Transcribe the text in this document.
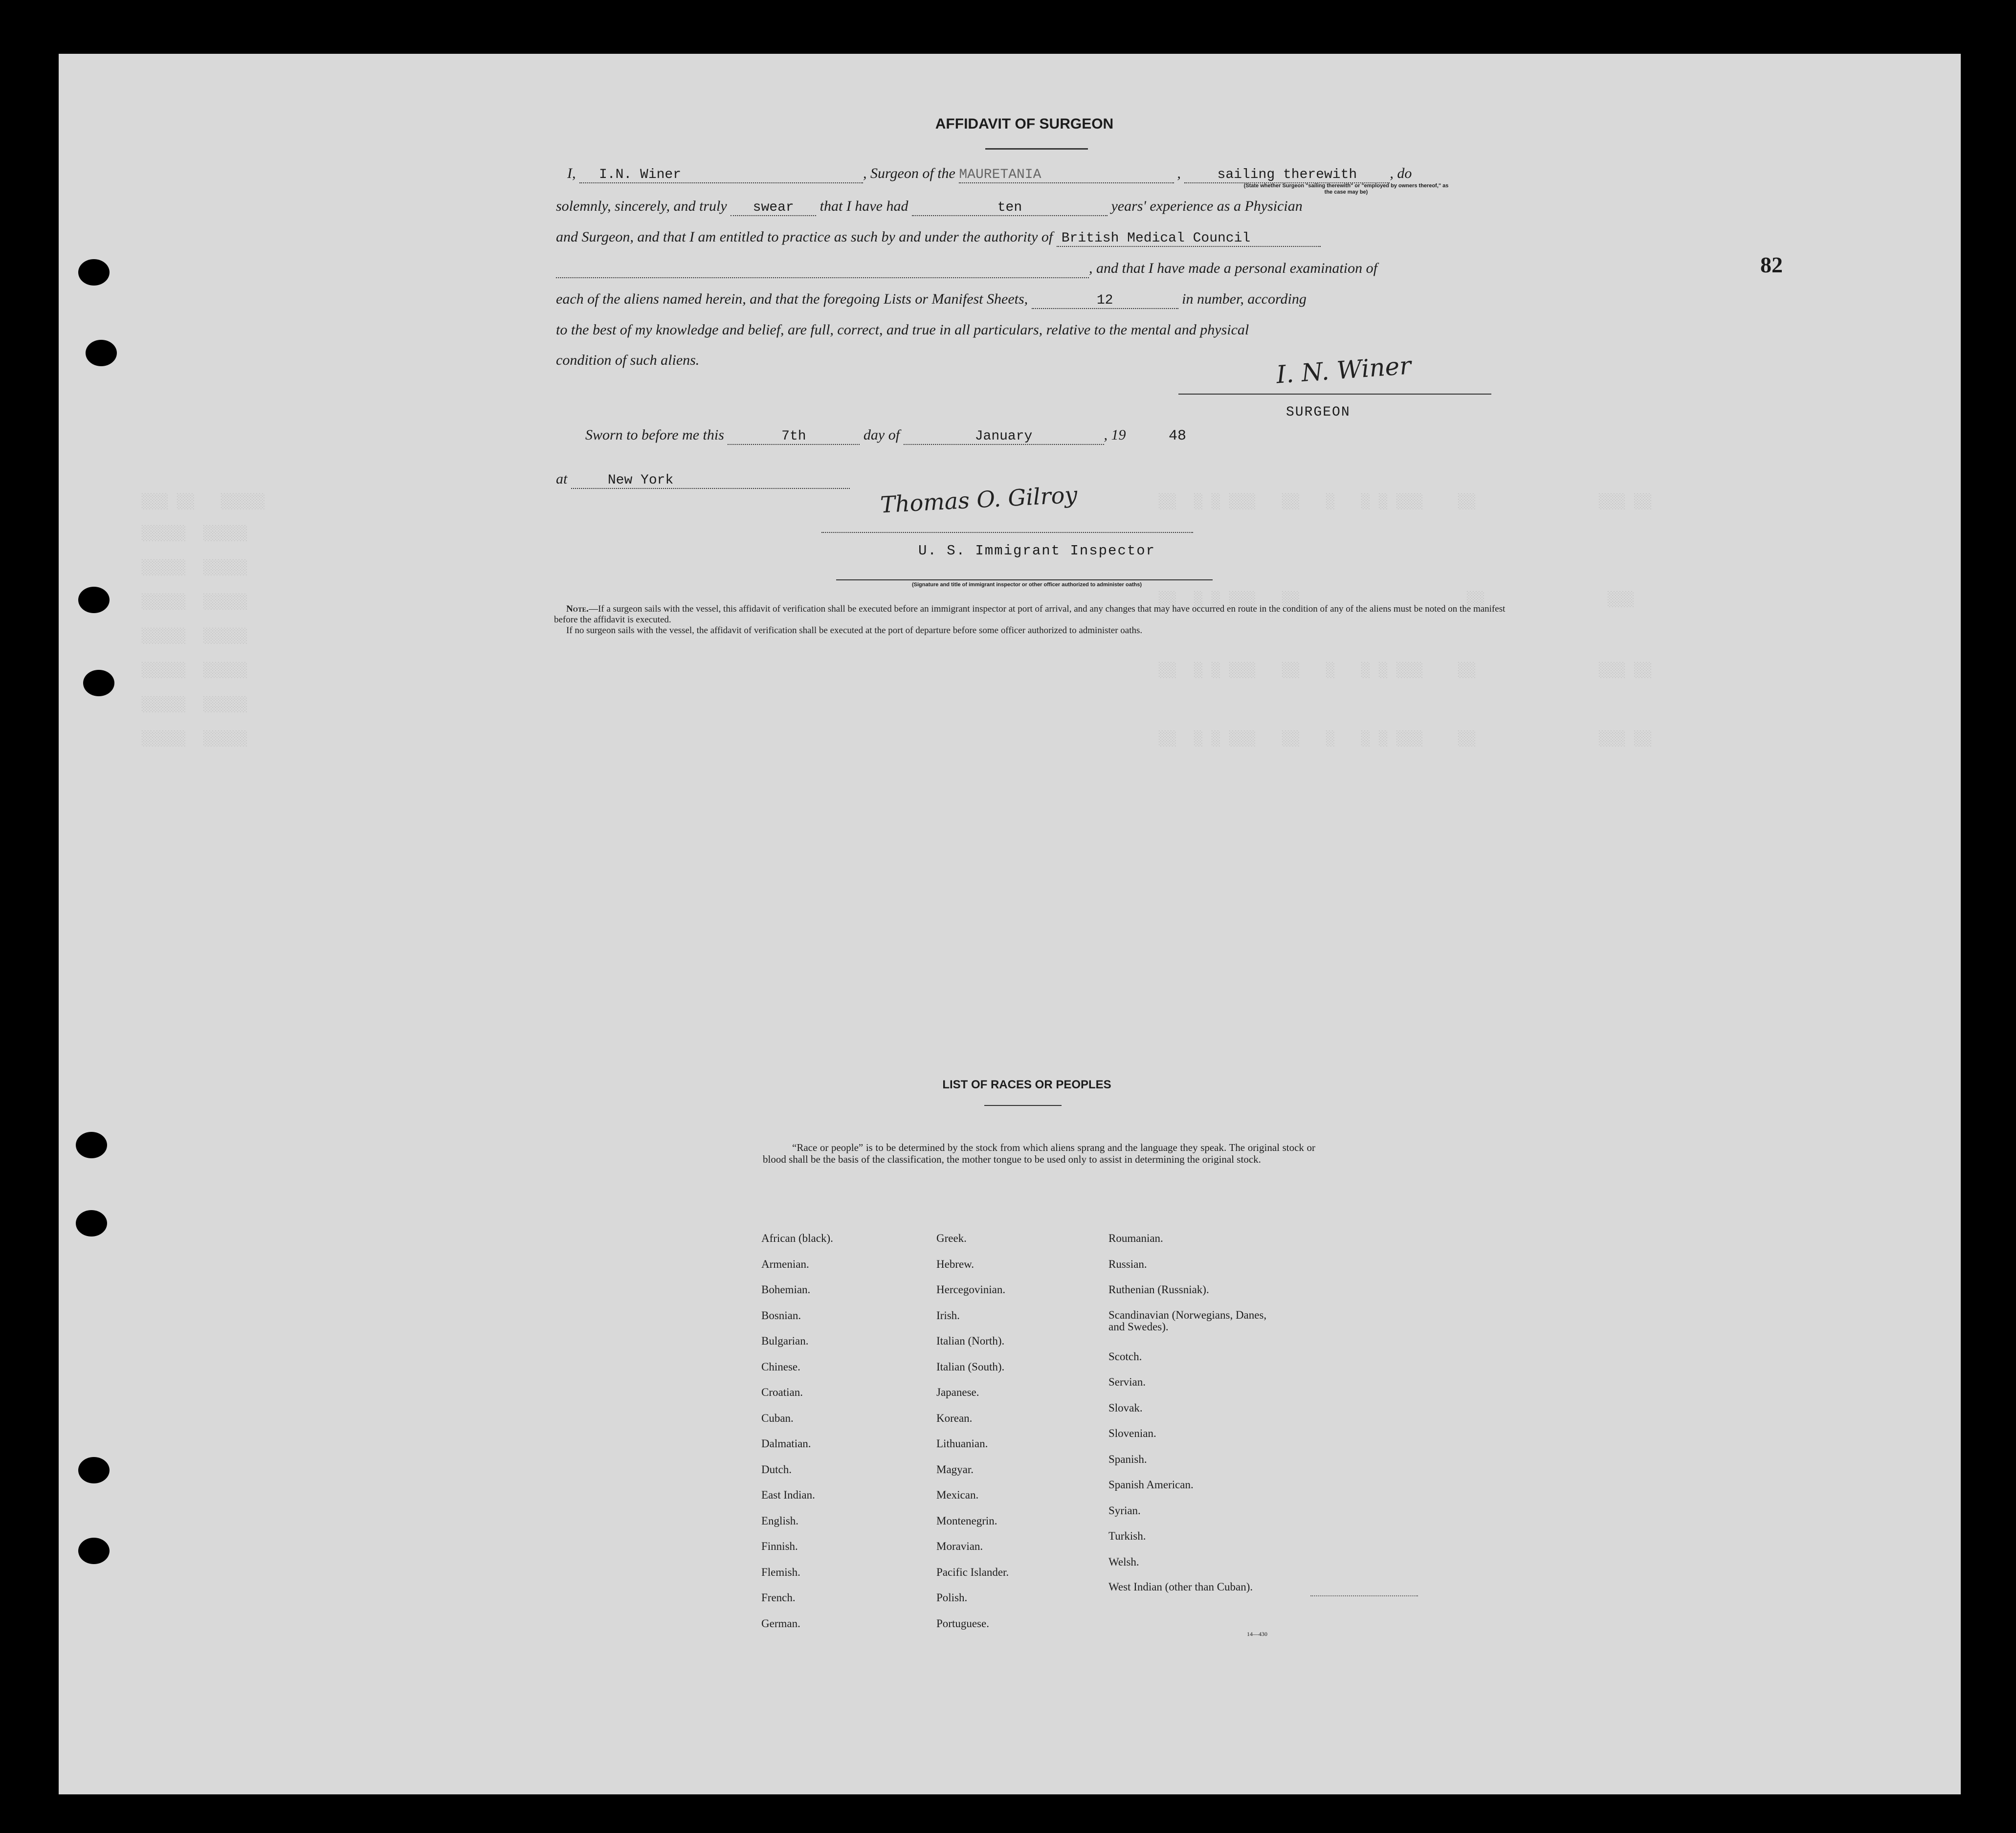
░░░ ░░   ░░░░░
░░░░░  ░░░░░
░░░░░  ░░░░░
░░░░░  ░░░░░
░░░░░  ░░░░░
░░░░░  ░░░░░
░░░░░  ░░░░░
░░░░░  ░░░░░
░░  ░ ░ ░░░   ░░   ░   ░ ░ ░░░    ░░              ░░░ ░░
░░  ░ ░ ░░░   ░░                   ░░              ░░░
░░  ░ ░ ░░░   ░░   ░   ░ ░ ░░░    ░░              ░░░ ░░
░░  ░ ░ ░░░   ░░   ░   ░ ░ ░░░    ░░              ░░░ ░░
82
AFFIDAVIT OF SURGEON
I, I.N. Winer	, Surgeon of the MAURETANIA	,	sailing therewith , do
(State whether Surgeon "sailing therewith" or "employed by owners thereof," as the case may be)
solemnly, sincerely, and truly swear that I have had	ten	years' experience as a Physician
and Surgeon, and that I am entitled to practice as such by and under the authority of British Medical Council
, and that I have made a personal examination of
each of the aliens named herein, and that the foregoing Lists or Manifest Sheets,	12	in number, according
to the best of my knowledge and belief, are full, correct, and true in all particulars, relative to the mental and physical
condition of such aliens.	I. N. Winer
SURGEON
Sworn to before me this	7th	day of	January	, 19	48
at	New York
Thomas O. Gilroy
U. S. Immigrant Inspector
(Signature and title of immigrant inspector or other officer authorized to administer oaths)
Note.—If a surgeon sails with the vessel, this affidavit of verification shall be executed before an immigrant inspector at port of arrival, and any changes that may have occurred en route in the condition of any of the aliens must be noted on the manifest before the affidavit is executed.
If no surgeon sails with the vessel, the affidavit of verification shall be executed at the port of departure before some officer authorized to administer oaths.
LIST OF RACES OR PEOPLES
“Race or people” is to be determined by the stock from which aliens sprang and the language they speak. The original stock or blood shall be the basis of the classification, the mother tongue to be used only to assist in determining the original stock.
African (black).
Armenian.
Bohemian.
Bosnian.
Bulgarian.
Chinese.
Croatian.
Cuban.
Dalmatian.
Dutch.
East Indian.
English.
Finnish.
Flemish.
French.
German.
Greek.
Hebrew.
Hercegovinian.
Irish.
Italian (North).
Italian (South).
Japanese.
Korean.
Lithuanian.
Magyar.
Mexican.
Montenegrin.
Moravian.
Pacific Islander.
Polish.
Portuguese.
Roumanian.
Russian.
Ruthenian (Russniak).
Scandinavian (Norwegians, Danes, and Swedes).
Scotch.
Servian.
Slovak.
Slovenian.
Spanish.
Spanish American.
Syrian.
Turkish.
Welsh.
West Indian (other than Cuban).
14—430
